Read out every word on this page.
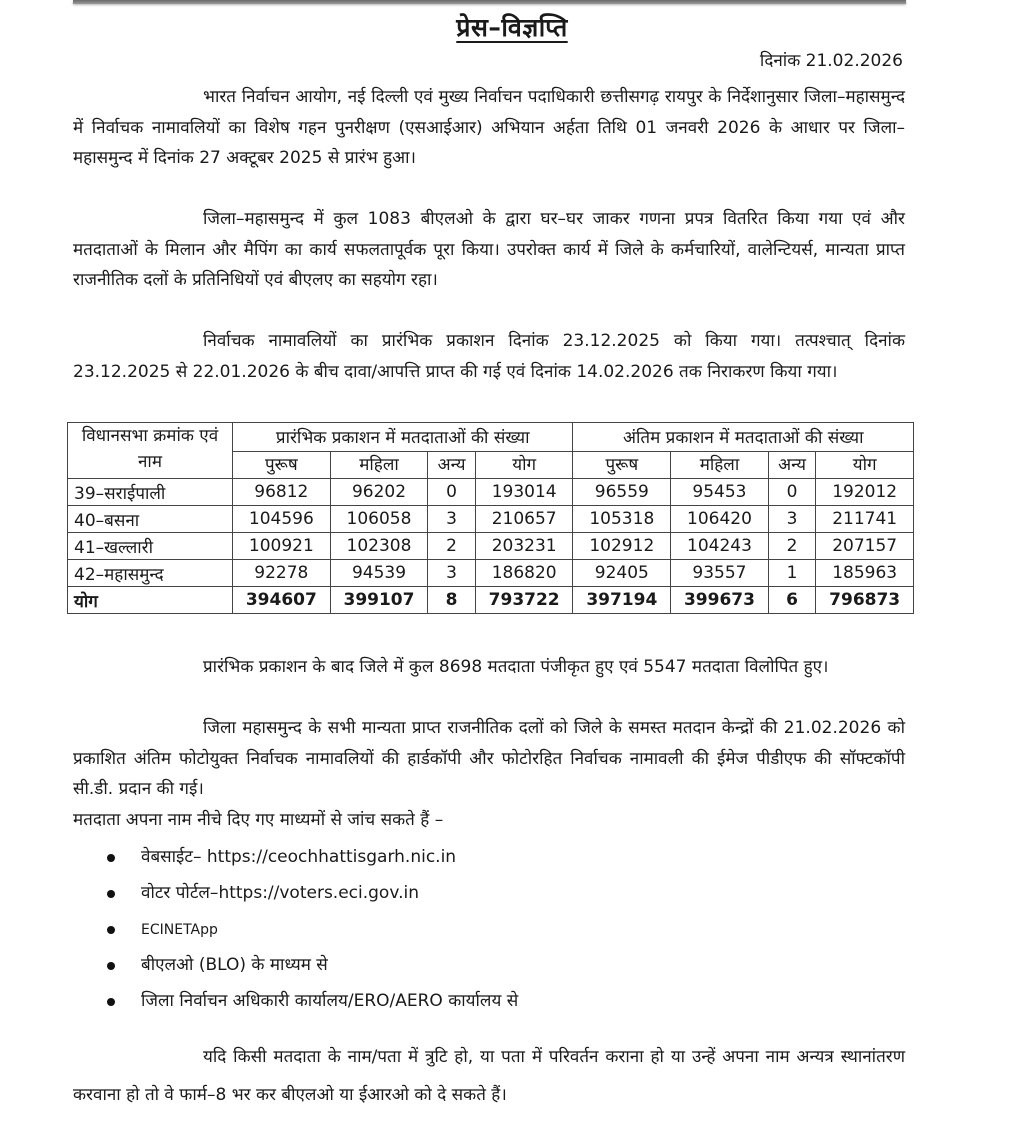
प्रेस–विज्ञप्ति
दिनांक 21.02.2026
भारत निर्वाचन आयोग, नई दिल्ली एवं मुख्य निर्वाचन पदाधिकारी छत्तीसगढ़ रायपुर के निर्देशानुसार जिला–महासमुन्द में निर्वाचक नामावलियों का विशेष गहन पुनरीक्षण (एसआईआर) अभियान अर्हता तिथि 01 जनवरी 2026 के आधार पर जिला–महासमुन्द में दिनांक 27 अक्टूबर 2025 से प्रारंभ हुआ।
जिला–महासमुन्द में कुल 1083 बीएलओ के द्वारा घर–घर जाकर गणना प्रपत्र वितरित किया गया एवं और मतदाताओं के मिलान और मैपिंग का कार्य सफलतापूर्वक पूरा किया। उपरोक्त कार्य में जिले के कर्मचारियों, वालेन्टियर्स, मान्यता प्राप्त राजनीतिक दलों के प्रतिनिधियों एवं बीएलए का सहयोग रहा।
निर्वाचक नामावलियों का प्रारंभिक प्रकाशन दिनांक 23.12.2025 को किया गया। तत्पश्चात् दिनांक 23.12.2025 से 22.01.2026 के बीच दावा/आपत्ति प्राप्त की गई एवं दिनांक 14.02.2026 तक निराकरण किया गया।
विधानसभा क्रमांक एवं नाम	प्रारंभिक प्रकाशन में मतदाताओं की संख्या				अंतिम प्रकाशन में मतदाताओं की संख्या			
	पुरूष	महिला	अन्य	योग	पुरूष	महिला	अन्य	योग
39–सराईपाली	96812	96202	0	193014	96559	95453	0	192012
40–बसना	104596	106058	3	210657	105318	106420	3	211741
41–खल्लारी	100921	102308	2	203231	102912	104243	2	207157
42–महासमुन्द	92278	94539	3	186820	92405	93557	1	185963
योग	394607	399107	8	793722	397194	399673	6	796873
प्रारंभिक प्रकाशन के बाद जिले में कुल 8698 मतदाता पंजीकृत हुए एवं 5547 मतदाता विलोपित हुए।
जिला महासमुन्द के सभी मान्यता प्राप्त राजनीतिक दलों को जिले के समस्त मतदान केन्द्रों की 21.02.2026 को प्रकाशित अंतिम फोटोयुक्त निर्वाचक नामावलियों की हार्डकॉपी और फोटोरहित निर्वाचक नामावली की ईमेज पीडीएफ की सॉफ्टकॉपी सी.डी. प्रदान की गई।
मतदाता अपना नाम नीचे दिए गए माध्यमों से जांच सकते हैं –
वेबसाईट– https://ceochhattisgarh.nic.in
वोटर पोर्टल–https://voters.eci.gov.in
ECINETApp
बीएलओ (BLO) के माध्यम से
जिला निर्वाचन अधिकारी कार्यालय/ERO/AERO कार्यालय से
यदि किसी मतदाता के नाम/पता में त्रुटि हो, या पता में परिवर्तन कराना हो या उन्हें अपना नाम अन्यत्र स्थानांतरण करवाना हो तो वे फार्म–8 भर कर बीएलओ या ईआरओ को दे सकते हैं।
